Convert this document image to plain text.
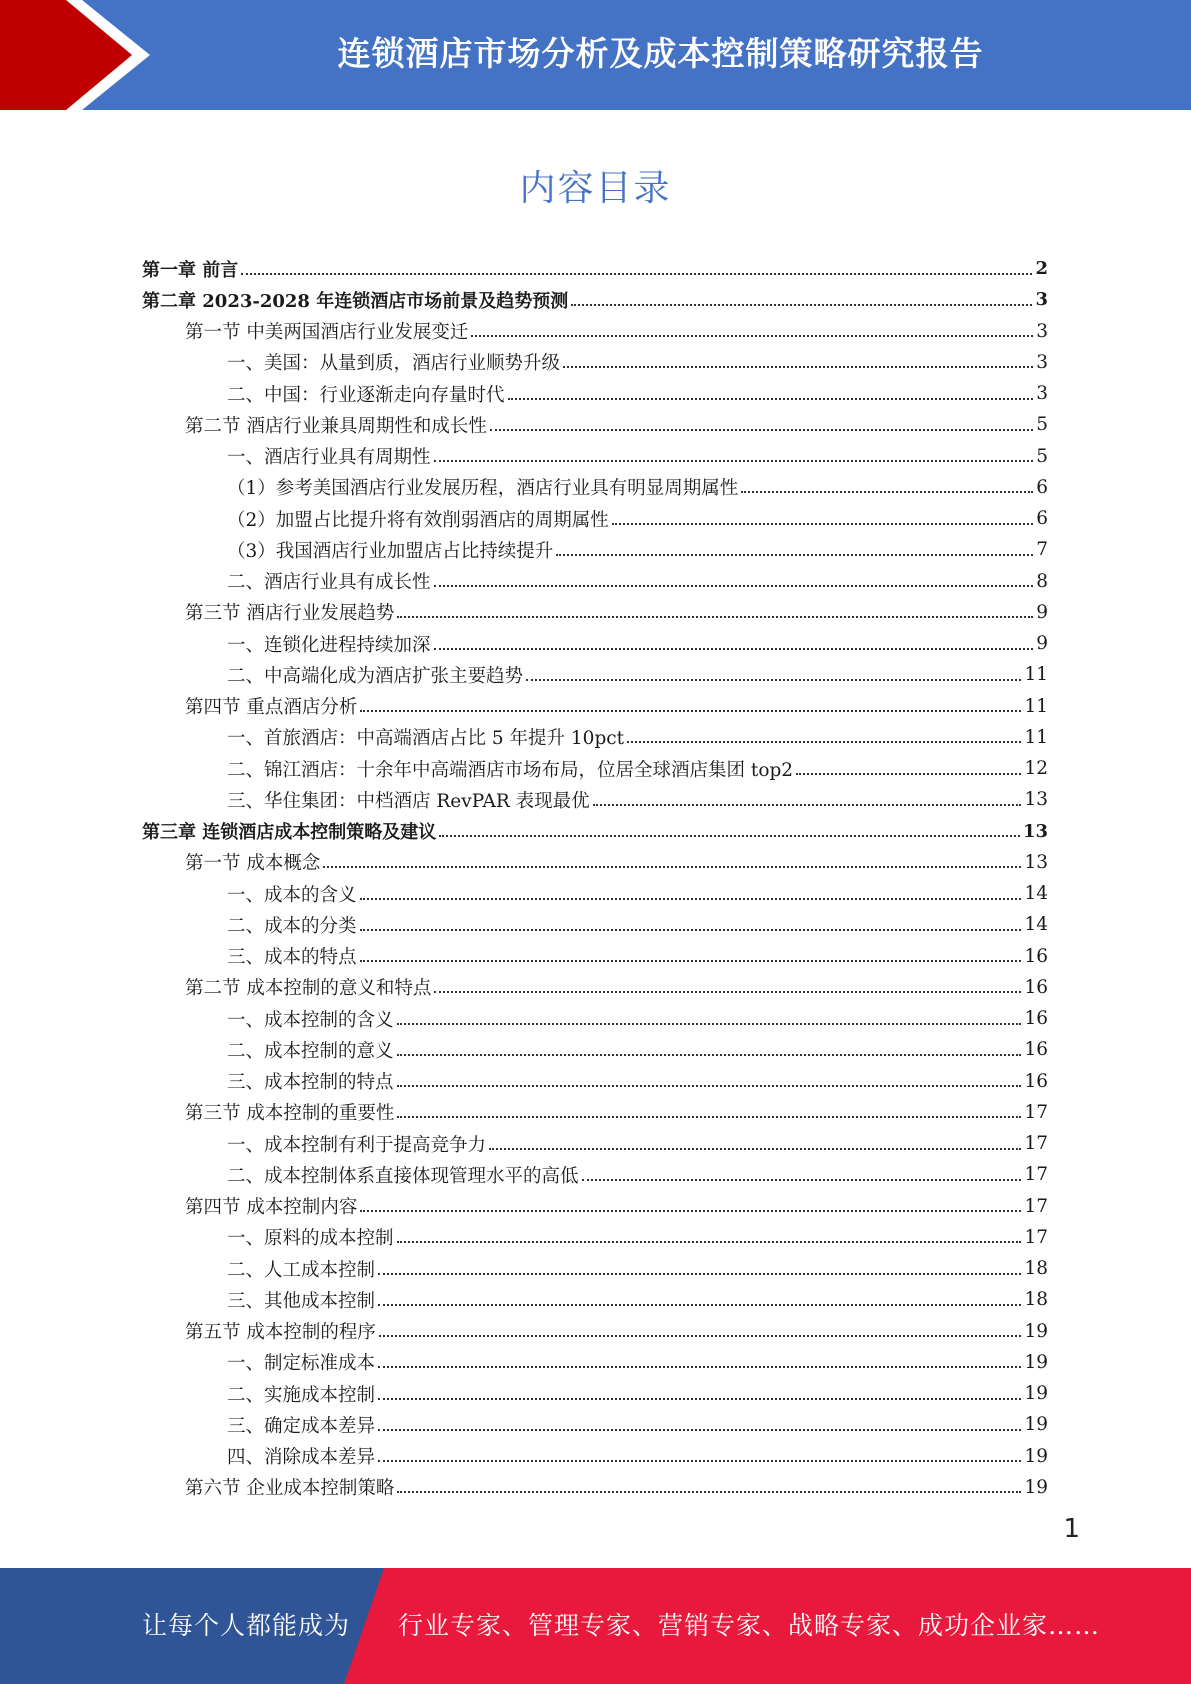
连锁酒店市场分析及成本控制策略研究报告
内容目录
第一章 前言	2
第二章 2023-2028 年连锁酒店市场前景及趋势预测	3
第一节 中美两国酒店行业发展变迁	3
一、美国：从量到质，酒店行业顺势升级	3
二、中国：行业逐渐走向存量时代	3
第二节 酒店行业兼具周期性和成长性	5
一、酒店行业具有周期性	5
（1）参考美国酒店行业发展历程，酒店行业具有明显周期属性	6
（2）加盟占比提升将有效削弱酒店的周期属性	6
（3）我国酒店行业加盟店占比持续提升	7
二、酒店行业具有成长性	8
第三节 酒店行业发展趋势	9
一、连锁化进程持续加深	9
二、中高端化成为酒店扩张主要趋势	11
第四节 重点酒店分析	11
一、首旅酒店：中高端酒店占比 5 年提升 10pct	11
二、锦江酒店：十余年中高端酒店市场布局，位居全球酒店集团 top2	12
三、华住集团：中档酒店 RevPAR 表现最优	13
第三章 连锁酒店成本控制策略及建议	13
第一节 成本概念	13
一、成本的含义	14
二、成本的分类	14
三、成本的特点	16
第二节 成本控制的意义和特点	16
一、成本控制的含义	16
二、成本控制的意义	16
三、成本控制的特点	16
第三节 成本控制的重要性	17
一、成本控制有利于提高竞争力	17
二、成本控制体系直接体现管理水平的高低	17
第四节 成本控制内容	17
一、原料的成本控制	17
二、人工成本控制	18
三、其他成本控制	18
第五节 成本控制的程序	19
一、制定标准成本	19
二、实施成本控制	19
三、确定成本差异	19
四、消除成本差异	19
第六节 企业成本控制策略	19
1
让每个人都能成为 行业专家、管理专家、营销专家、战略专家、成功企业家……
